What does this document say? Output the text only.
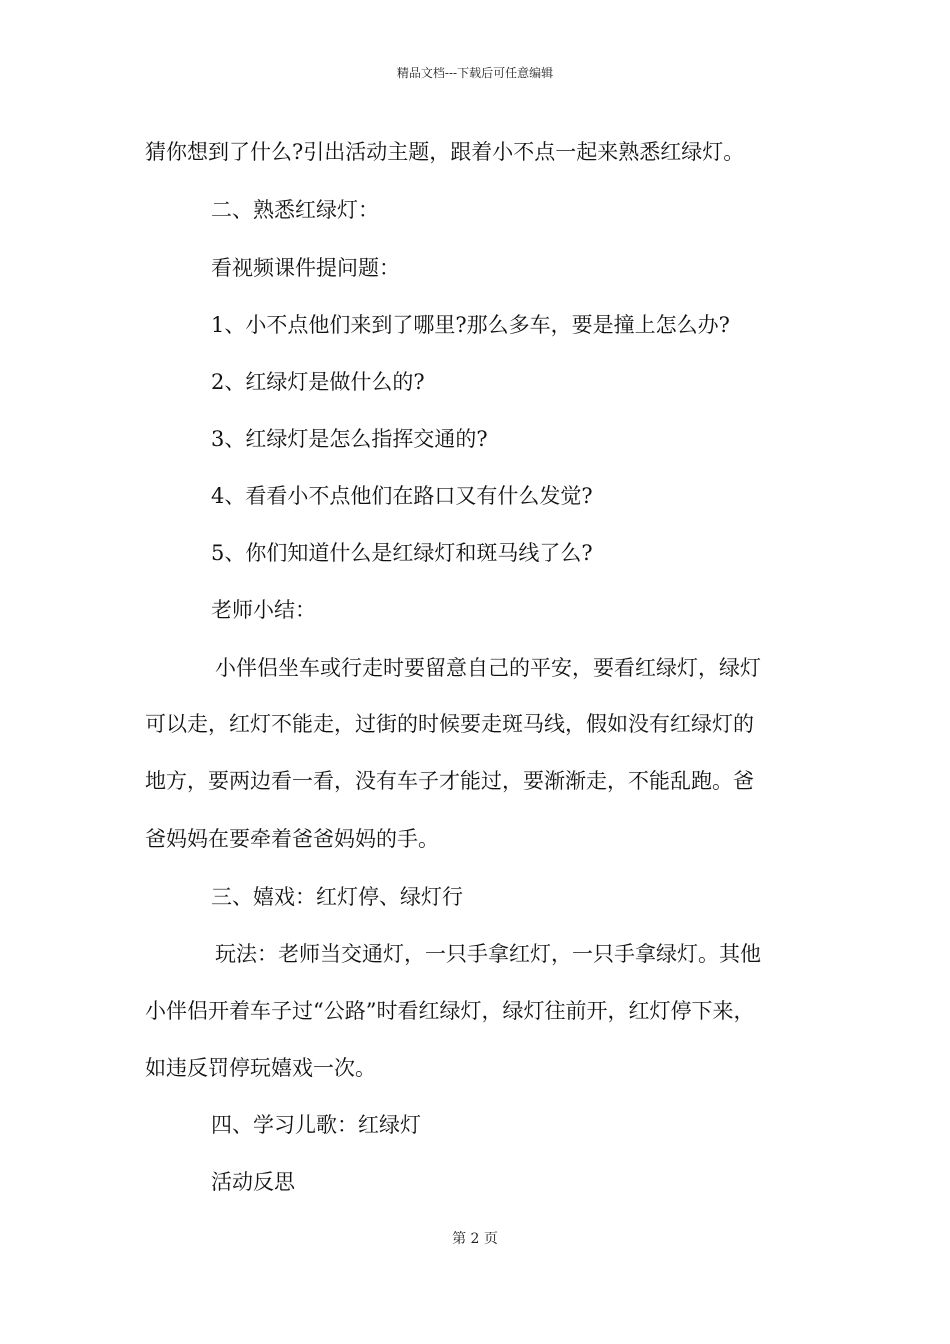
精品文档---下载后可任意编辑
猜你想到了什么?引出活动主题，跟着小不点一起来熟悉红绿灯。
二、熟悉红绿灯：
看视频课件提问题：
1、小不点他们来到了哪里?那么多车，要是撞上怎么办?
2、红绿灯是做什么的?
3、红绿灯是怎么指挥交通的?
4、看看小不点他们在路口又有什么发觉?
5、你们知道什么是红绿灯和斑马线了么?
老师小结：
小伴侣坐车或行走时要留意自己的平安，要看红绿灯，绿灯
可以走，红灯不能走，过街的时候要走斑马线，假如没有红绿灯的
地方，要两边看一看，没有车子才能过，要渐渐走，不能乱跑。爸
爸妈妈在要牵着爸爸妈妈的手。
三、嬉戏：红灯停、绿灯行
玩法：老师当交通灯，一只手拿红灯，一只手拿绿灯。其他
小伴侣开着车子过“公路”时看红绿灯，绿灯往前开，红灯停下来，
如违反罚停玩嬉戏一次。
四、学习儿歌：红绿灯
活动反思
第 2 页
